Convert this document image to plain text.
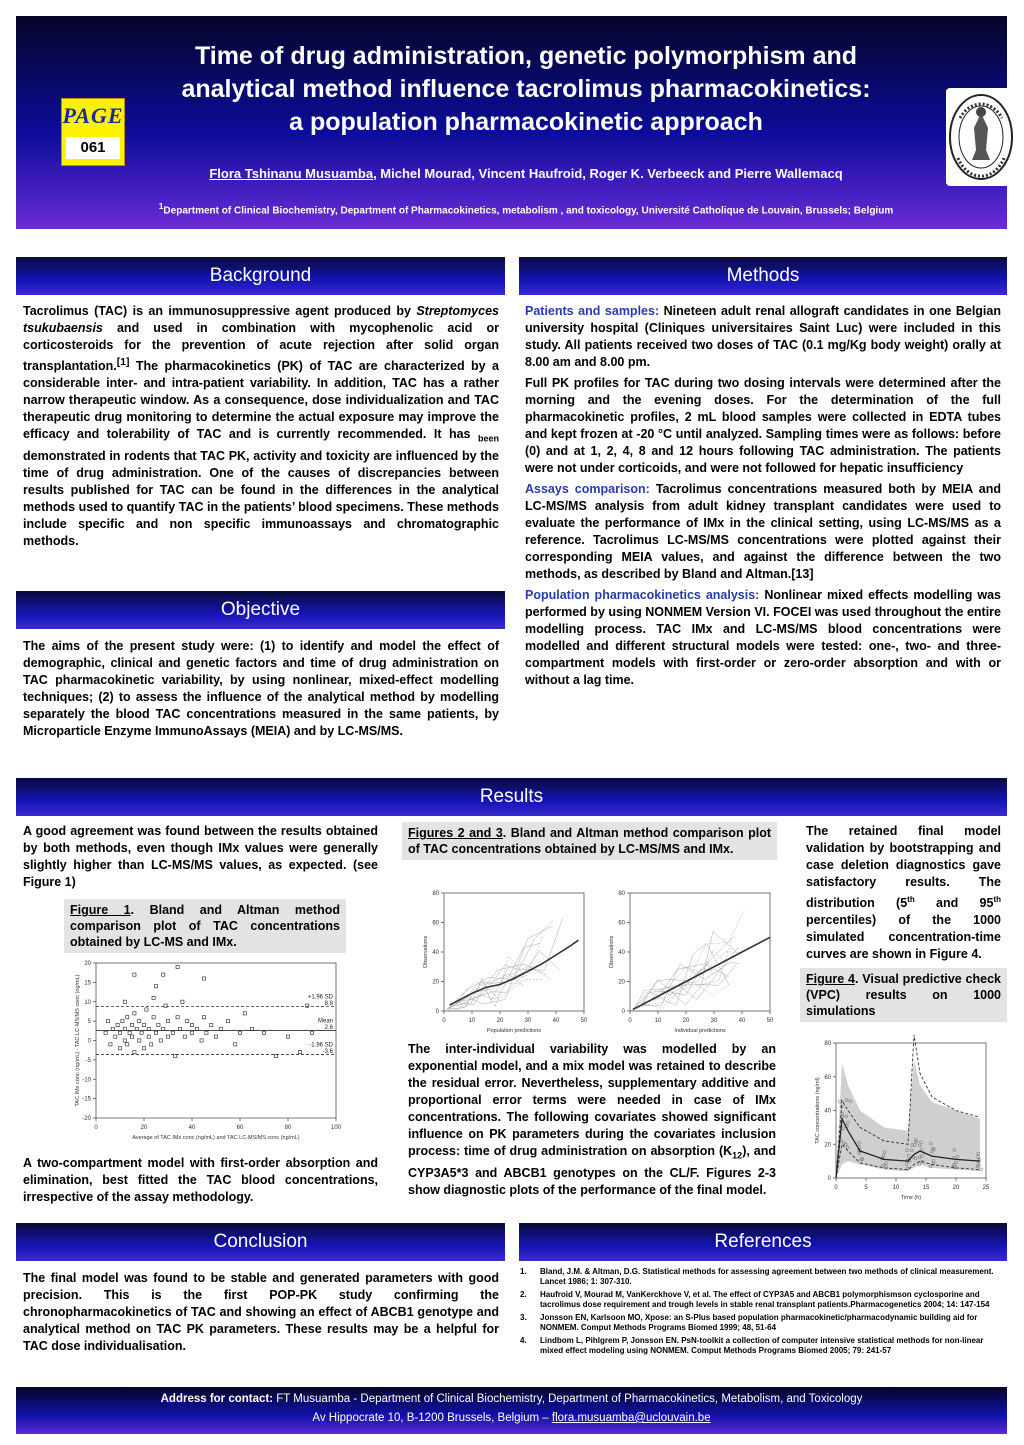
Time of drug administration, genetic polymorphism and
analytical method influence tacrolimus pharmacokinetics:
a population pharmacokinetic approach
Flora Tshinanu Musuamba, Michel Mourad, Vincent Haufroid, Roger K. Verbeeck and Pierre Wallemacq
$^1$Department of Clinical Biochemistry, Department of Pharmacokinetics, metabolism , and toxicology, Université Catholique de Louvain, Brussels; Belgium
PAGE
061
Background

Tacrolimus (TAC) is an immunosuppressive agent produced by Streptomyces tsukubaensis and used in combination with mycophenolic acid or corticosteroids for the prevention of acute rejection after solid organ transplantation.[1] The pharmacokinetics (PK) of TAC are characterized by a considerable inter- and intra-patient variability. In addition, TAC has a rather narrow therapeutic window. As a consequence, dose individualization and TAC therapeutic drug monitoring to determine the actual exposure may improve the efficacy and tolerability of TAC and is currently recommended. It has $_{been}$ demonstrated in rodents that TAC PK, activity and toxicity are influenced by the time of drug administration. One of the causes of discrepancies between results published for TAC can be found in the differences in the analytical methods used to quantify TAC in the patients’ blood specimens. These methods include specific and non specific immunoassays and chromatographic methods.

Objective
The aims of the present study were: (1) to identify and model the effect of demographic, clinical and genetic factors and time of drug administration on TAC pharmacokinetic variability, by using nonlinear, mixed-effect modelling techniques; (2) to assess the influence of the analytical method by modelling separately the blood TAC concentrations measured in the same patients, by Microparticle Enzyme ImmunoAssays (MEIA) and by LC-MS/MS.
Methods

Patients and samples: Nineteen adult renal allograft candidates in one Belgian university hospital (Cliniques universitaires Saint Luc) were included in this study. All patients received two doses of TAC (0.1 mg/Kg body weight) orally at 8.00 am and 8.00 pm.

Full PK profiles for TAC during two dosing intervals were determined after the morning and the evening doses. For the determination of the full pharmacokinetic profiles, 2 mL blood samples were collected in EDTA tubes and kept frozen at -20 °C until analyzed. Sampling times were as follows: before (0) and at 1, 2, 4, 8 and 12 hours following TAC administration. The patients were not under corticoids, and were not followed for hepatic insufficiency

Assays comparison: Tacrolimus concentrations measured both by MEIA and LC-MS/MS analysis from adult kidney transplant candidates were used to evaluate the performance of IMx in the clinical setting, using LC-MS/MS as a reference. Tacrolimus LC-MS/MS concentrations were plotted against their corresponding MEIA values, and against the difference between the two methods, as described by Bland and Altman.[13]

Population pharmacokinetics analysis: Nonlinear mixed effects modelling was performed by using NONMEM Version VI. FOCEI was used throughout the entire modelling process. TAC IMx and LC-MS/MS blood concentrations were modelled and different structural models were tested: one-, two- and three-compartment models with first-order or zero-order absorption and with or without a lag time.

Results
A good agreement was found between the results obtained by both methods, even though IMx values were generally slightly higher than LC-MS/MS values, as expected. (see Figure 1)
Figure 1. Bland and Altman method comparison plot of TAC concentrations obtained by LC-MS and IMx.
0	20	40	60	80	100
20
15
10
5
0
-5
-10
-15
-20
Average of TAC IMx conc (ng/mL) and TAC LC-MS/MS conc (ng/mL)
TAC IMx conc (ng/mL) - TAC LC-MS/MS conc (ng/mL)	+1.96 SD
8.8
Mean
2.6
-1.96 SD
-3.6
A two-compartment model with first-order absorption and elimination, best fitted the TAC blood concentrations, irrespective of the assay methodology.
Figures 2 and 3. Bland and Altman method comparison plot of TAC concentrations obtained by LC-MS/MS and IMx.
0	10	20	30	40	50
0
20
40
60
80
Population predictions
Observations
0	10	20	30	40	50
0
20
40
60
80
Individual predictions
Observations
The inter-individual variability was modelled by an exponential model, and a mix model was retained to describe the residual error. Nevertheless, supplementary additive and proportional error terms were needed in case of IMx concentrations. The following covariates showed significant influence on PK parameters during the covariates inclusion process: time of drug administration on absorption $(K_{12})$, and CYP3A5*3 and ABCB1 genotypes on the CL/F. Figures 2-3 show diagnostic plots of the performance of the final model.
The retained final model validation by bootstrapping and case deletion diagnostics gave satisfactory results. The distribution (5th and 95th percentiles) of the 1000 simulated concentration-time curves are shown in Figure 4.
Figure 4. Visual predictive check (VPC) results on 1000 simulations
0	5	10	15	20	25
0
20
40
60
80
Time (h)
TAC concentrations (ng/ml)
Conclusion
The final model was found to be stable and generated parameters with good precision. This is the first POP-PK study confirming the chronopharmacokinetics of TAC and showing an effect of ABCB1 genotype and analytical method on TAC PK parameters. These results may be a helpful for TAC dose individualisation.
References
1.	Bland, J.M. & Altman, D.G. Statistical methods for assessing agreement between two methods of clinical measurement. Lancet 1986; 1: 307-310.
2.	Haufroid V, Mourad M, VanKerckhove V, et al. The effect of CYP3A5 and ABCB1 polymorphismson cyclosporine and tacrolimus dose requirement and trough levels in stable renal transplant patients.Pharmacogenetics 2004; 14: 147-154
3.	Jonsson EN, Karlsoon MO, Xpose: an S-Plus based population pharmacokinetic/pharmacodynamic building aid for NONMEM. Comput Methods Programs Biomed 1999; 48, 51-64
4.	Lindbom L, Pihlgrem P, Jonsson EN. PsN-toolkit a collection of computer intensive statistical methods for non-linear mixed effect modeling using NONMEM. Comput Methods Programs Biomed 2005; 79: 241-57
Address for contact: FT Musuamba - Department of Clinical Biochemistry, Department of Pharmacokinetics, Metabolism, and Toxicology
Av Hippocrate 10, B-1200 Brussels, Belgium – flora.musuamba@uclouvain.be
